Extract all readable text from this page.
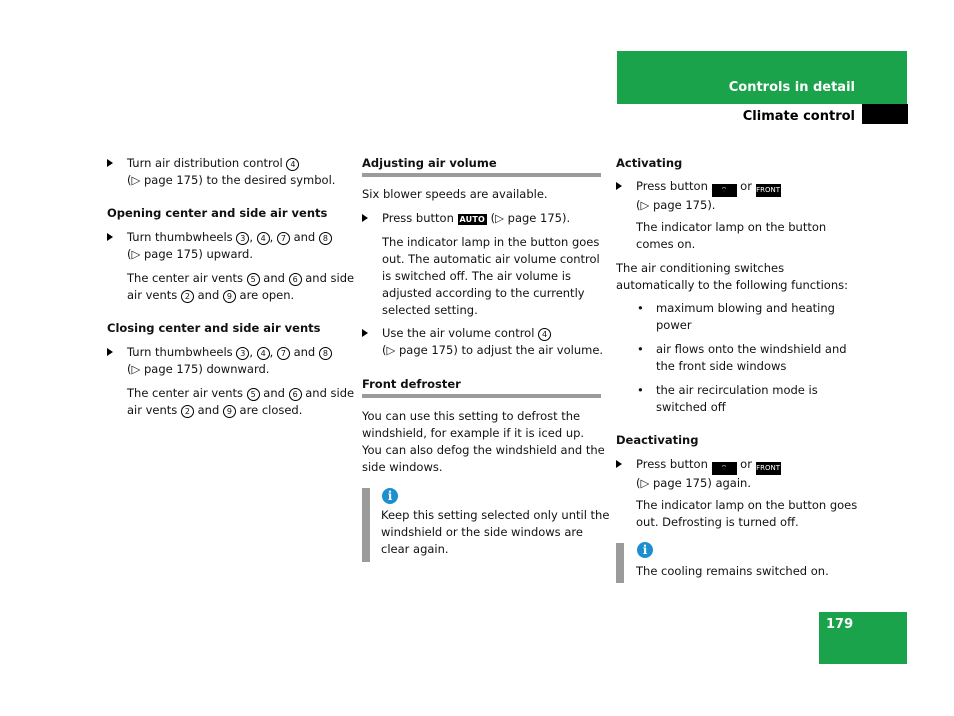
Controls in detail
Climate control
Turn air distribution control 4
(▷ page 175) to the desired symbol.
Opening center and side air vents
Turn thumbwheels 3 , 4 , 7 and 8
(▷ page 175) upward.
The center air vents 5 and 6 and side
air vents 2 and 9 are open.
Closing center and side air vents
Turn thumbwheels 3 , 4 , 7 and 8
(▷ page 175) downward.
The center air vents 5 and 6 and side
air vents 2 and 9 are closed.
Adjusting air volume
Six blower speeds are available.
Press button AUTO (▷ page 175).
The indicator lamp in the button goes
out. The automatic air volume control
is switched off. The air volume is
adjusted according to the currently
selected setting.
Use the air volume control 4
(▷ page 175) to adjust the air volume.
Front defroster
You can use this setting to defrost the
windshield, for example if it is iced up.
You can also defog the windshield and the
side windows.
i
Keep this setting selected only until the
windshield or the side windows are
clear again.
Activating
Press button ⌔ or FRONT
(▷ page 175).
The indicator lamp on the button
comes on.
The air conditioning switches
automatically to the following functions:
• maximum blowing and heating
power
• air flows onto the windshield and
the front side windows
• the air recirculation mode is
switched off
Deactivating
Press button ⌔ or FRONT
(▷ page 175) again.
The indicator lamp on the button goes
out. Defrosting is turned off.
i
The cooling remains switched on.
179
